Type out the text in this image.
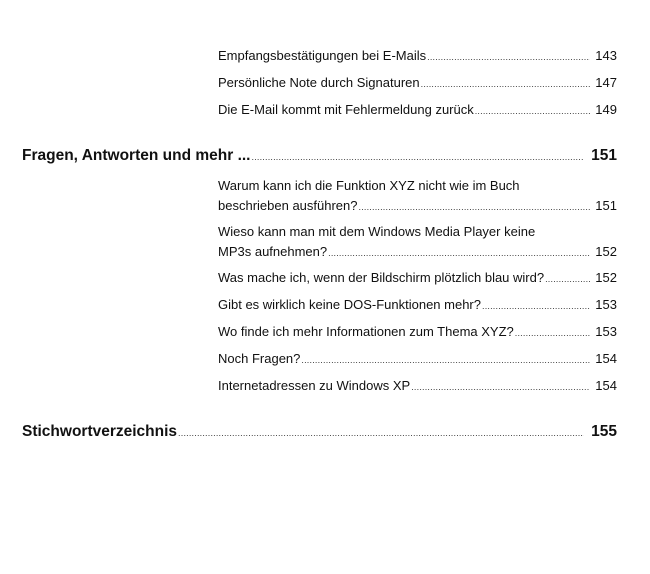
Empfangsbestätigungen bei E-Mails .....	143
Persönliche Note durch Signaturen .....	147
Die E-Mail kommt mit Fehlermeldung zurück .....	149
Fragen, Antworten und mehr ... .....	151
Warum kann ich die Funktion XYZ nicht wie im Buch
beschrieben ausführen? .....	151
Wieso kann man mit dem Windows Media Player keine
MP3s aufnehmen? .....	152
Was mache ich, wenn der Bildschirm plötzlich blau wird? .....	152
Gibt es wirklich keine DOS-Funktionen mehr? .....	153
Wo finde ich mehr Informationen zum Thema XYZ? .....	153
Noch Fragen? .....	154
Internetadressen zu Windows XP .....	154
Stichwortverzeichnis .....	155
